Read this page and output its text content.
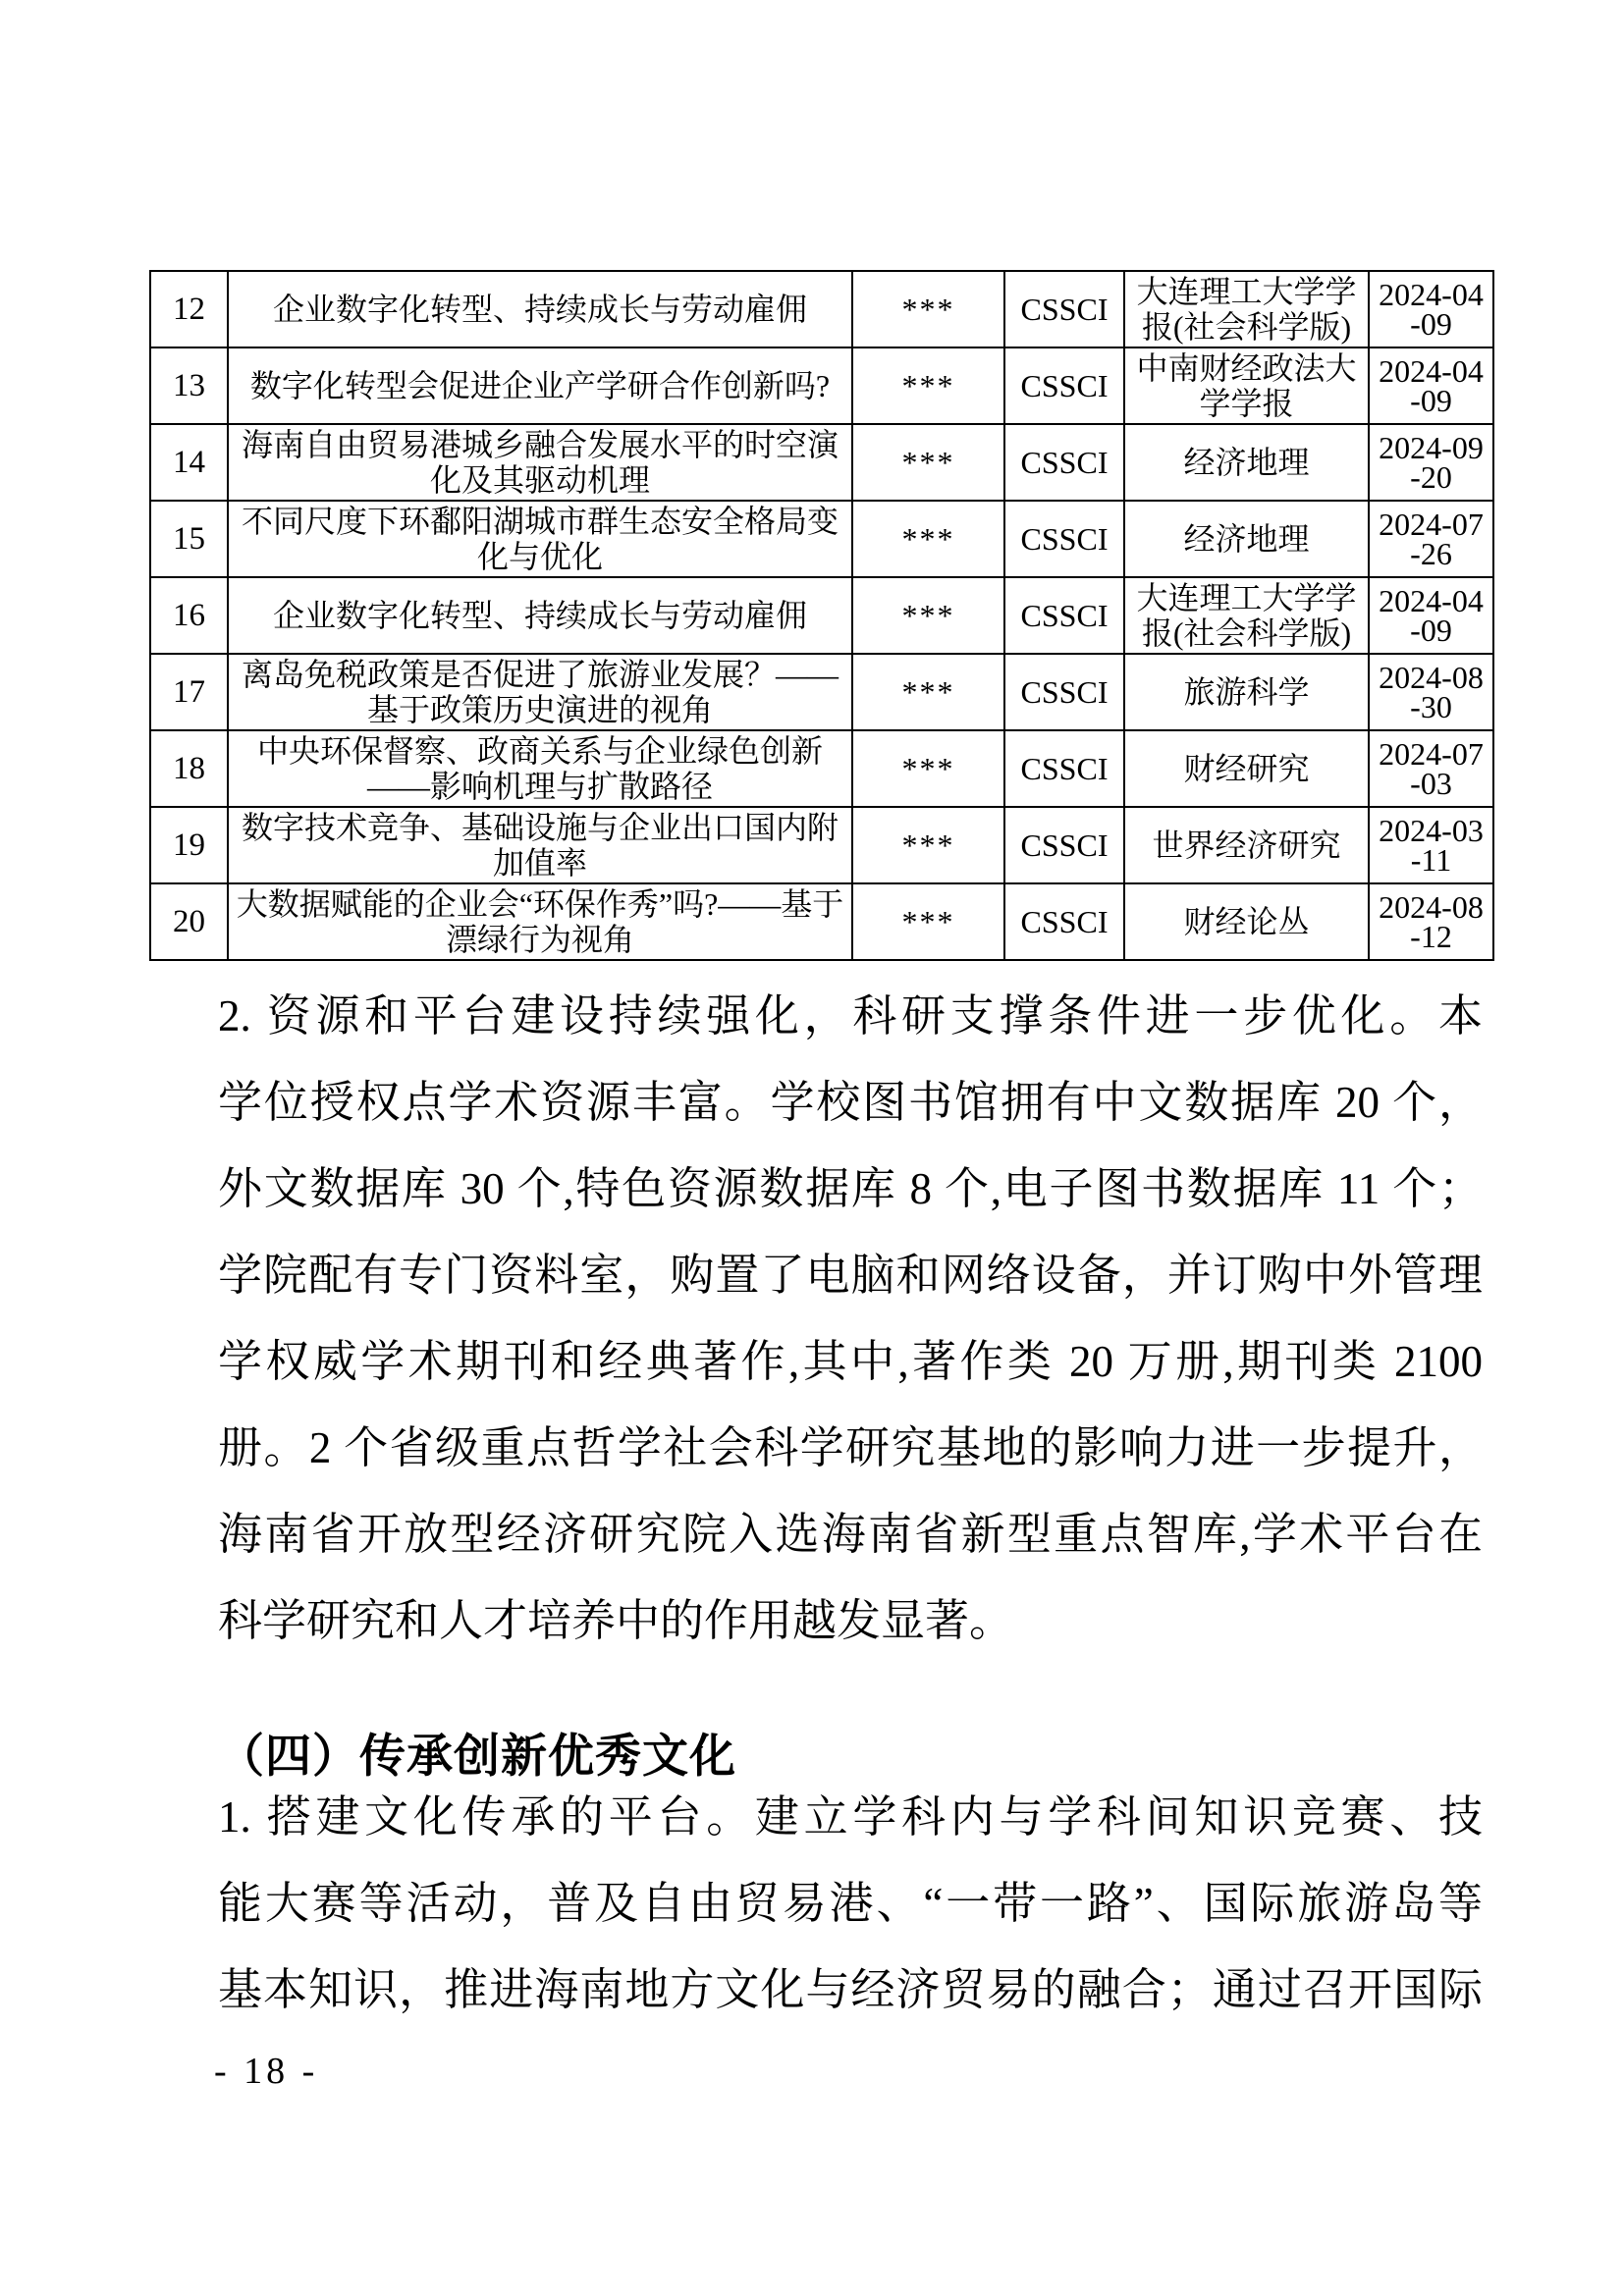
12	企业数字化转型、持续成长与劳动雇佣	***	CSSCI	大连理工大学学报(社会科学版)	2024-04
-09

13	数字化转型会促进企业产学研合作创新吗?	***	CSSCI	中南财经政法大学学报	2024-04
-09

14	海南自由贸易港城乡融合发展水平的时空演化及其驱动机理	***	CSSCI	经济地理	2024-09
-20

15	不同尺度下环鄱阳湖城市群生态安全格局变化与优化	***	CSSCI	经济地理	2024-07
-26

16	企业数字化转型、持续成长与劳动雇佣	***	CSSCI	大连理工大学学报(社会科学版)	2024-04
-09

17	离岛免税政策是否促进了旅游业发展？——基于政策历史演进的视角	***	CSSCI	旅游科学	2024-08
-30

18	中央环保督察、政商关系与企业绿色创新——影响机理与扩散路径	***	CSSCI	财经研究	2024-07
-03

19	数字技术竞争、基础设施与企业出口国内附加值率	***	CSSCI	世界经济研究	2024-03
-11

20	大数据赋能的企业会“环保作秀”吗?——基于漂绿行为视角	***	CSSCI	财经论丛	2024-08
-12
2. 资源和平台建设持续强化，科研支撑条件进一步优化。本
学位授权点学术资源丰富。学校图书馆拥有中文数据库 20 个，
外文数据库 30 个,特色资源数据库 8 个,电子图书数据库 11 个；
学院配有专门资料室，购置了电脑和网络设备，并订购中外管理
学权威学术期刊和经典著作,其中,著作类 20 万册,期刊类 2100
册。2 个省级重点哲学社会科学研究基地的影响力进一步提升，
海南省开放型经济研究院入选海南省新型重点智库,学术平台在
科学研究和人才培养中的作用越发显著。
（四）传承创新优秀文化
1. 搭建文化传承的平台。建立学科内与学科间知识竞赛、技
能大赛等活动，普及自由贸易港、“一带一路”、国际旅游岛等
基本知识，推进海南地方文化与经济贸易的融合；通过召开国际
- 18 -
